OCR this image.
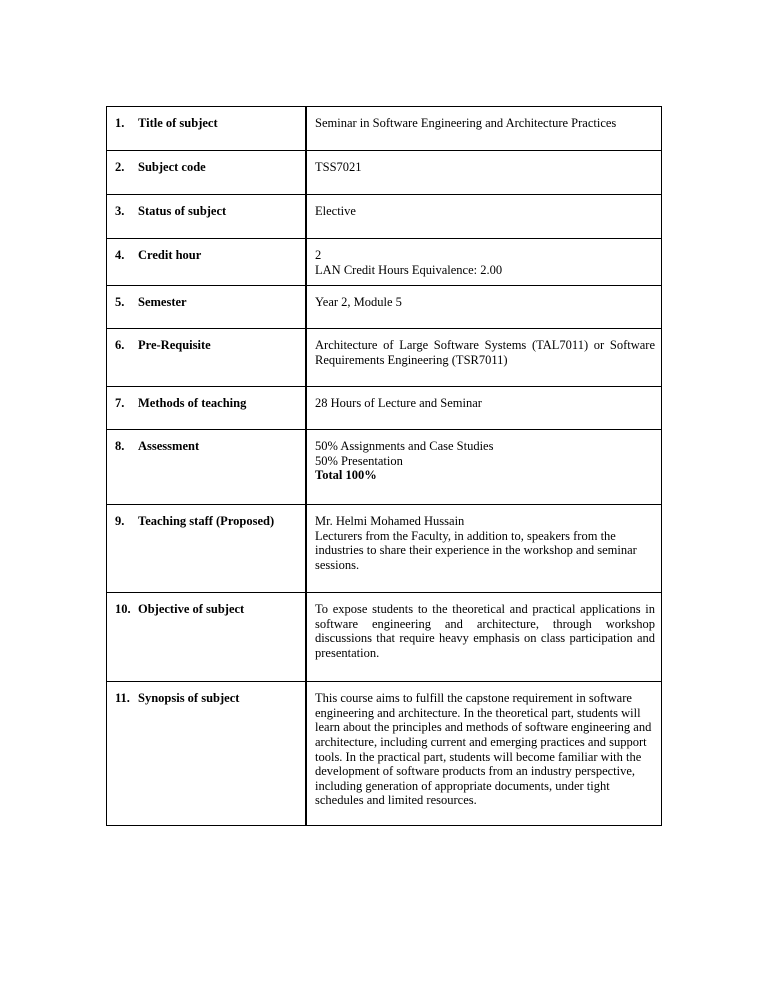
1. Title of subject	Seminar in Software Engineering and Architecture Practices

2. Subject code	TSS7021

3. Status of subject	Elective

4. Credit hour	2
LAN Credit Hours Equivalence: 2.00

5. Semester	Year 2, Module 5

6. Pre-Requisite	Architecture of Large Software Systems (TAL7011) or Software Requirements Engineering (TSR7011)

7. Methods of teaching	28 Hours of Lecture and Seminar

8. Assessment	50% Assignments and Case Studies
50% Presentation
Total 100%

9. Teaching staff (Proposed)	Mr. Helmi Mohamed Hussain
Lecturers from the Faculty, in addition to, speakers from the industries to share their experience in the workshop and seminar sessions.

10. Objective of subject	To expose students to the theoretical and practical applications in software engineering and architecture, through workshop discussions that require heavy emphasis on class participation and presentation.

11. Synopsis of subject	This course aims to fulfill the capstone requirement in software engineering and architecture. In the theoretical part, students will learn about the principles and methods of software engineering and architecture, including current and emerging practices and support tools. In the practical part, students will become familiar with the development of software products from an industry perspective, including generation of appropriate documents, under tight schedules and limited resources.
